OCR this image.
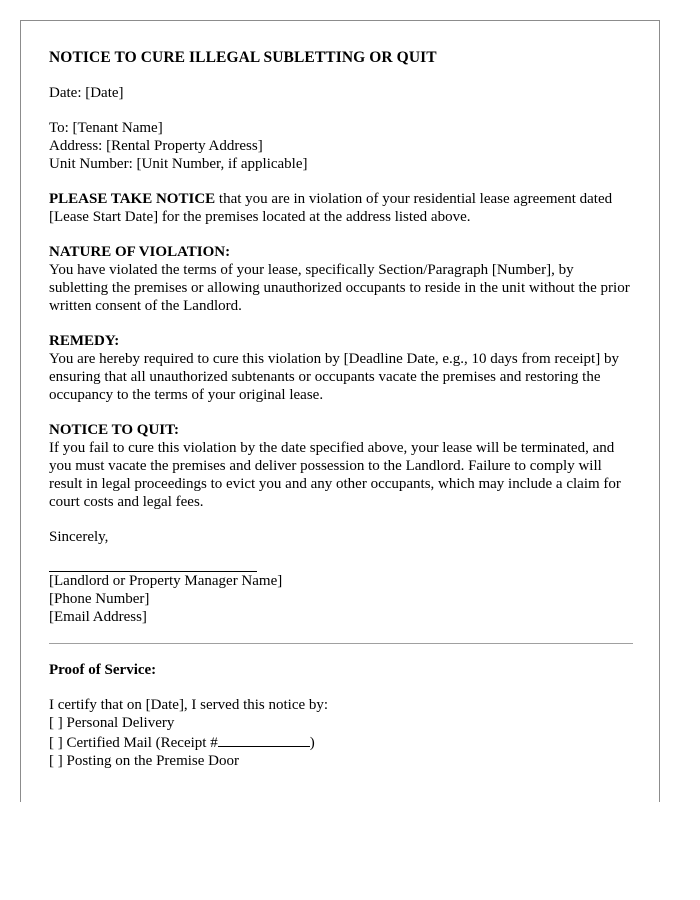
NOTICE TO CURE ILLEGAL SUBLETTING OR QUIT

Date: [Date]

To: [Tenant Name]
Address: [Rental Property Address]
Unit Number: [Unit Number, if applicable]

PLEASE TAKE NOTICE that you are in violation of your residential lease agreement dated [Lease Start Date] for the premises located at the address listed above.

NATURE OF VIOLATION:
You have violated the terms of your lease, specifically Section/Paragraph [Number], by subletting the premises or allowing unauthorized occupants to reside in the unit without the prior written consent of the Landlord.

REMEDY:
You are hereby required to cure this violation by [Deadline Date, e.g., 10 days from receipt] by ensuring that all unauthorized subtenants or occupants vacate the premises and restoring the occupancy to the terms of your original lease.

NOTICE TO QUIT:
If you fail to cure this violation by the date specified above, your lease will be terminated, and you must vacate the premises and deliver possession to the Landlord. Failure to comply will result in legal proceedings to evict you and any other occupants, which may include a claim for court costs and legal fees.

Sincerely,

[Landlord or Property Manager Name]
[Phone Number]
[Email Address]

Proof of Service:

I certify that on [Date], I served this notice by:
[ ] Personal Delivery
[ ] Certified Mail (Receipt #	)
[ ] Posting on the Premise Door
